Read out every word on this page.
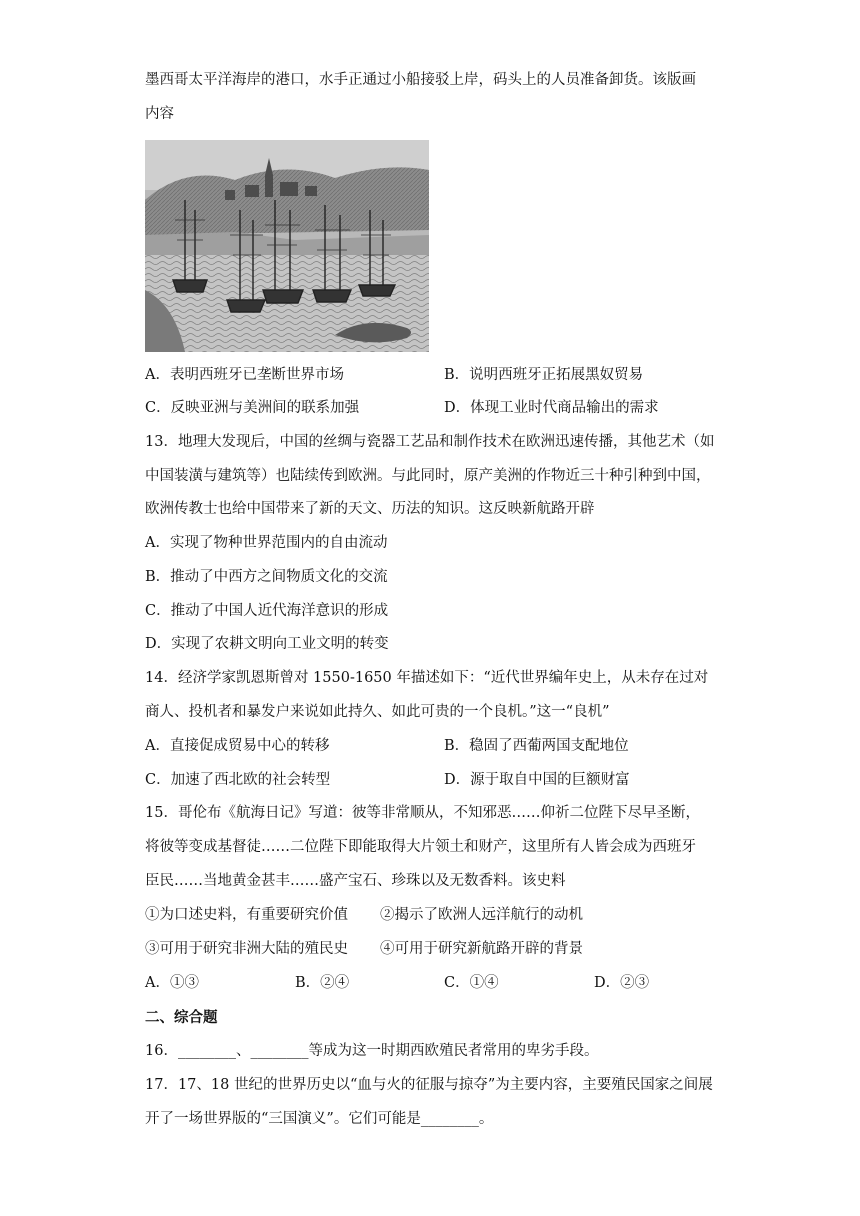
墨西哥太平洋海岸的港口，水手正通过小船接驳上岸，码头上的人员准备卸货。该版画
内容
A．表明西班牙已垄断世界市场	B．说明西班牙正拓展黑奴贸易
C．反映亚洲与美洲间的联系加强	D．体现工业时代商品输出的需求
13．地理大发现后，中国的丝绸与瓷器工艺品和制作技术在欧洲迅速传播，其他艺术（如
中国装潢与建筑等）也陆续传到欧洲。与此同时，原产美洲的作物近三十种引种到中国，
欧洲传教士也给中国带来了新的天文、历法的知识。这反映新航路开辟
A．实现了物种世界范围内的自由流动
B．推动了中西方之间物质文化的交流
C．推动了中国人近代海洋意识的形成
D．实现了农耕文明向工业文明的转变
14．经济学家凯恩斯曾对 1550-1650 年描述如下：“近代世界编年史上，从未存在过对
商人、投机者和暴发户来说如此持久、如此可贵的一个良机。”这一“良机”
A．直接促成贸易中心的转移	B．稳固了西葡两国支配地位
C．加速了西北欧的社会转型	D．源于取自中国的巨额财富
15．哥伦布《航海日记》写道：彼等非常顺从，不知邪恶……仰祈二位陛下尽早圣断，
将彼等变成基督徒……二位陛下即能取得大片领土和财产，这里所有人皆会成为西班牙
臣民……当地黄金甚丰……盛产宝石、珍珠以及无数香料。该史料
①为口述史料，有重要研究价值 ②揭示了欧洲人远洋航行的动机
③可用于研究非洲大陆的殖民史 ④可用于研究新航路开辟的背景
A．①③	B．②④	C．①④	D．②③
二、综合题
16．________、________等成为这一时期西欧殖民者常用的卑劣手段。
17．17、18 世纪的世界历史以“血与火的征服与掠夺”为主要内容，主要殖民国家之间展
开了一场世界版的“三国演义”。它们可能是________。
